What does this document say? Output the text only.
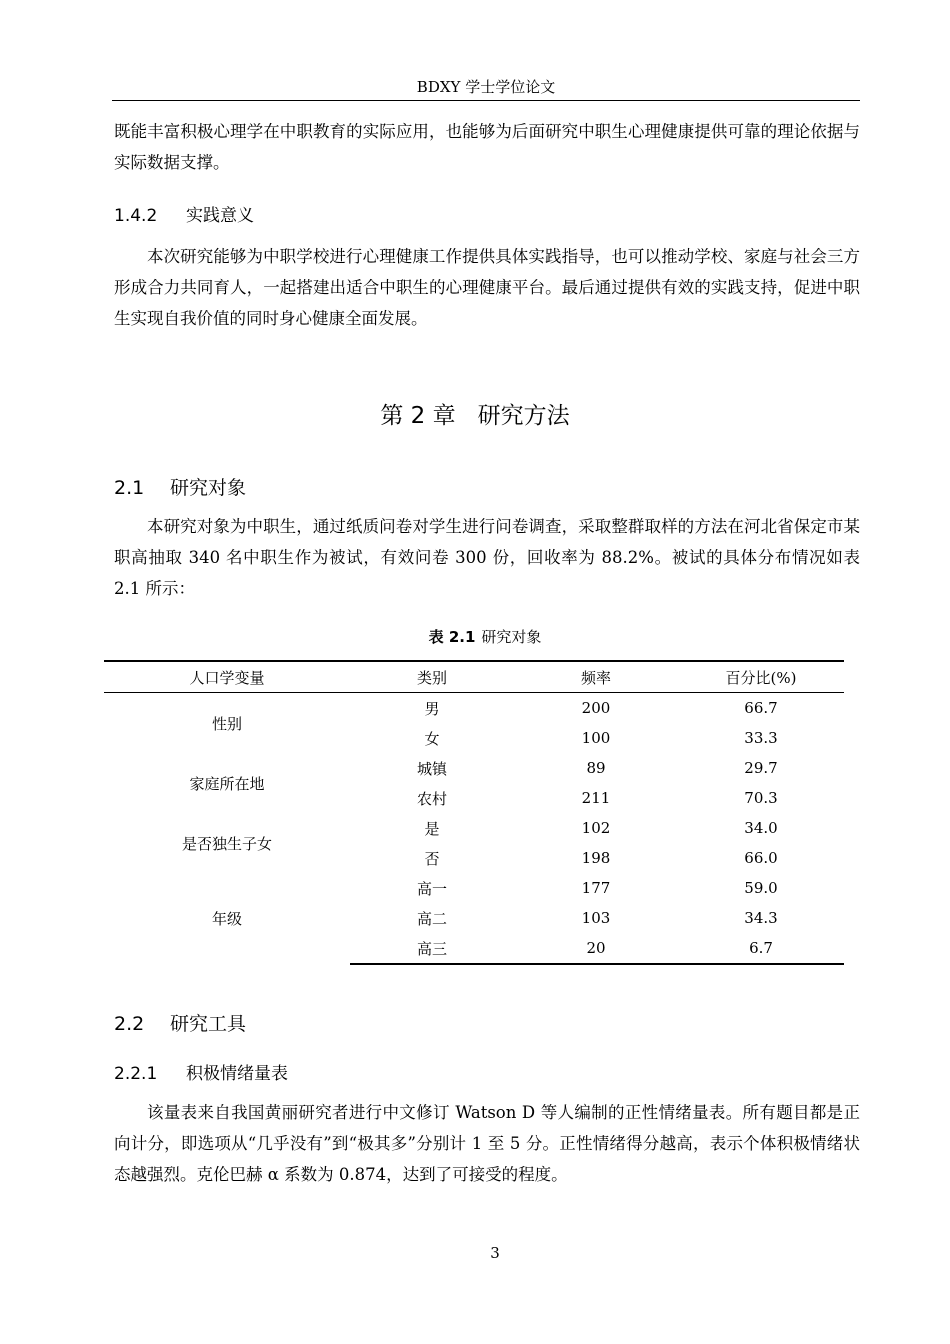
BDXY 学士学位论文
既能丰富积极心理学在中职教育的实际应用，也能够为后面研究中职生心理健康提供可靠的理论依据与实际数据支撑。
1.4.2 实践意义
本次研究能够为中职学校进行心理健康工作提供具体实践指导，也可以推动学校、家庭与社会三方形成合力共同育人，一起搭建出适合中职生的心理健康平台。最后通过提供有效的实践支持，促进中职生实现自我价值的同时身心健康全面发展。
第 2 章 研究方法
2.1 研究对象
本研究对象为中职生，通过纸质问卷对学生进行问卷调查，采取整群取样的方法在河北省保定市某职高抽取 340 名中职生作为被试，有效问卷 300 份，回收率为 88.2%。被试的具体分布情况如表 2.1 所示：
表 2.1 研究对象
人口学变量	类别	频率	百分比(%)
性别	男	200	66.7
	女	100	33.3
家庭所在地	城镇	89	29.7
	农村	211	70.3
是否独生子女	是	102	34.0
	否	198	66.0
年级	高一	177	59.0
	高二	103	34.3
	高三	20	6.7
2.2 研究工具
2.2.1 积极情绪量表
该量表来自我国黄丽研究者进行中文修订 Watson D 等人编制的正性情绪量表。所有题目都是正向计分，即选项从“几乎没有”到“极其多”分别计 1 至 5 分。正性情绪得分越高，表示个体积极情绪状态越强烈。克伦巴赫 α 系数为 0.874，达到了可接受的程度。
3
